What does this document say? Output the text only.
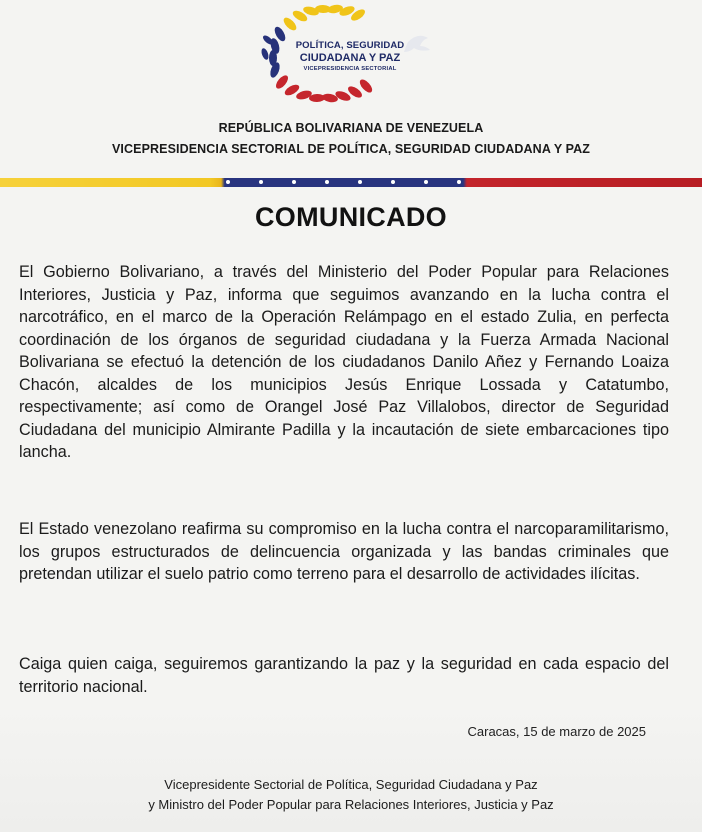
POLÍTICA, SEGURIDAD
CIUDADANA Y PAZ
VICEPRESIDENCIA SECTORIAL
REPÚBLICA BOLIVARIANA DE VENEZUELA
VICEPRESIDENCIA SECTORIAL DE POLÍTICA, SEGURIDAD CIUDADANA Y PAZ
COMUNICADO

El Gobierno Bolivariano, a través del Ministerio del Poder Popular para Relaciones Interiores, Justicia y Paz, informa que seguimos avanzando en la lucha contra el narcotráfico, en el marco de la Operación Relámpago en el estado Zulia, en perfecta coordinación de los órganos de seguridad ciudadana y la Fuerza Armada Nacional Bolivariana se efectuó la detención de los ciudadanos Danilo Añez y Fernando Loaiza Chacón, alcaldes de los municipios Jesús Enrique Lossada y Catatumbo, respectivamente; así como de Orangel José Paz Villalobos, director de Seguridad Ciudadana del municipio Almirante Padilla y la incautación de siete embarcaciones tipo lancha.

El Estado venezolano reafirma su compromiso en la lucha contra el narcoparamilitarismo, los grupos estructurados de delincuencia organizada y las bandas criminales que pretendan utilizar el suelo patrio como terreno para el desarrollo de actividades ilícitas.

Caiga quien caiga, seguiremos garantizando la paz y la seguridad en cada espacio del territorio nacional.

Caracas, 15 de marzo de 2025
Vicepresidente Sectorial de Política, Seguridad Ciudadana y Paz
y Ministro del Poder Popular para Relaciones Interiores, Justicia y Paz
